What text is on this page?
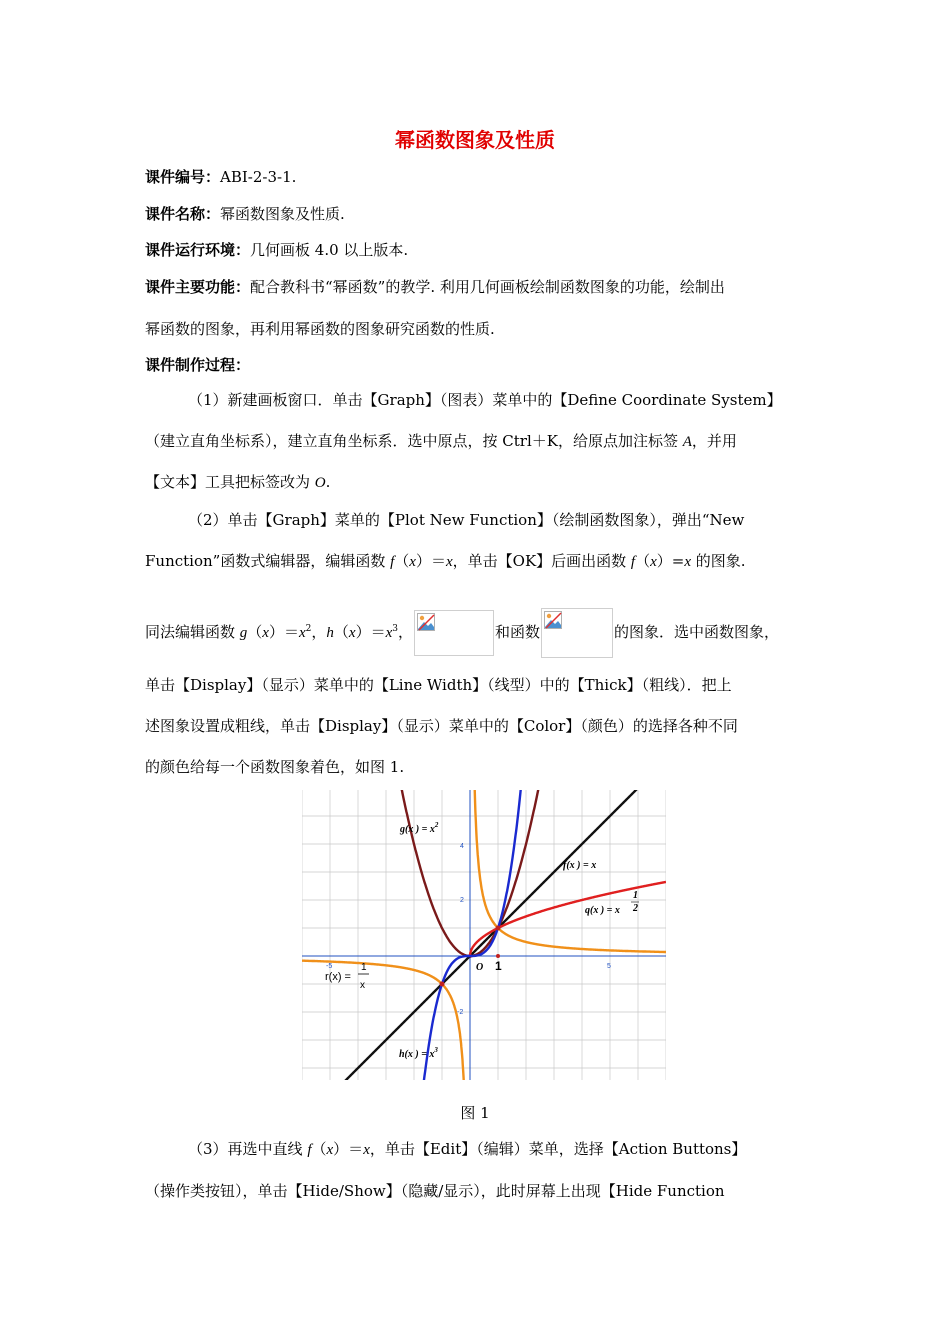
幂函数图象及性质
课件编号：ABⅠ-2-3-1.
课件名称：幂函数图象及性质.
课件运行环境：几何画板 4.0 以上版本.
课件主要功能：配合教科书“幂函数”的教学. 利用几何画板绘制函数图象的功能，绘制出
幂函数的图象，再利用幂函数的图象研究函数的性质.
课件制作过程：
（1）新建画板窗口．单击【Graph】（图表）菜单中的【Define Coordinate System】
（建立直角坐标系），建立直角坐标系．选中原点，按 Ctrl＋K，给原点加注标签 A，并用
【文本】工具把标签改为 O.
（2）单击【Graph】菜单的【Plot New Function】（绘制函数图象），弹出“New
Function”函数式编辑器，编辑函数 f（x）＝x，单击【OK】后画出函数 f（x）=x 的图象.
同法编辑函数 $g(x)=x^2$，$h(x)=x^3$，	和函数	的图象．选中函数图象，
单击【Display】（显示）菜单中的【Line Width】（线型）中的【Thick】（粗线）．把上
述图象设置成粗线，单击【Display】（显示）菜单中的【Color】（颜色）的选择各种不同
的颜色给每一个函数图象着色，如图 1.
g(x ) = $x^2$
f(x ) = x
q(x ) = x
1
2
h(x ) = $x^3$
r(x) =
1
x
O 1
4
2
-2
5
-5
图 1
（3）再选中直线 f（x）＝x，单击【Edit】（编辑）菜单，选择【Action Buttons】
（操作类按钮），单击【Hide/Show】（隐藏/显示），此时屏幕上出现【Hide Function
